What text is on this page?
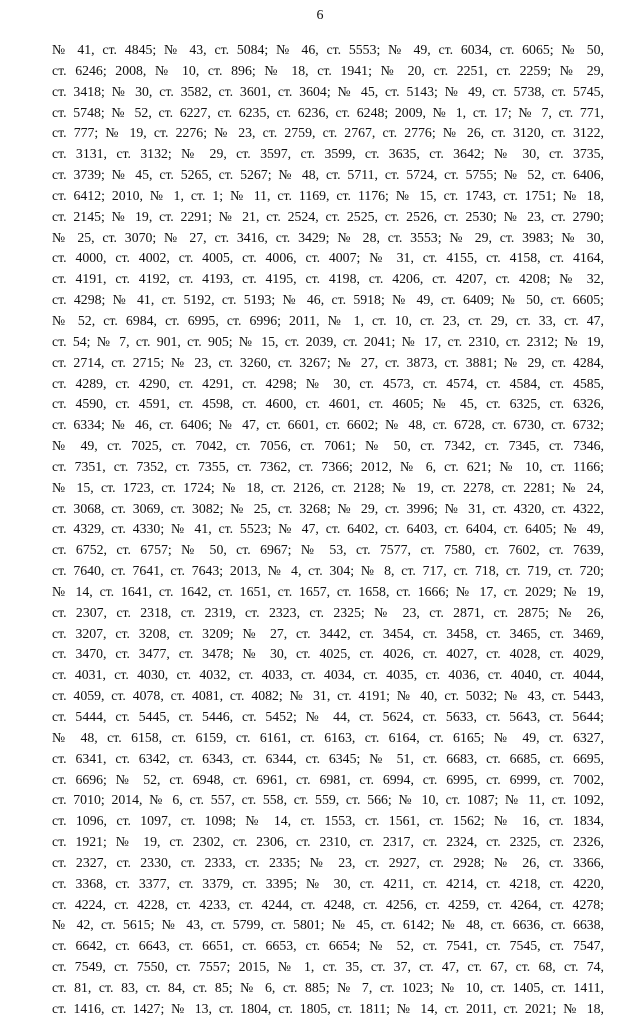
6
№ 41, ст. 4845; № 43, ст. 5084; № 46, ст. 5553; № 49, ст. 6034, ст. 6065; № 50,
ст. 6246; 2008, № 10, ст. 896; № 18, ст. 1941; № 20, ст. 2251, ст. 2259; № 29,
ст. 3418; № 30, ст. 3582, ст. 3601, ст. 3604; № 45, ст. 5143; № 49, ст. 5738, ст. 5745,
ст. 5748; № 52, ст. 6227, ст. 6235, ст. 6236, ст. 6248; 2009, № 1, ст. 17; № 7, ст. 771,
ст. 777; № 19, ст. 2276; № 23, ст. 2759, ст. 2767, ст. 2776; № 26, ст. 3120, ст. 3122,
ст. 3131, ст. 3132; № 29, ст. 3597, ст. 3599, ст. 3635, ст. 3642; № 30, ст. 3735,
ст. 3739; № 45, ст. 5265, ст. 5267; № 48, ст. 5711, ст. 5724, ст. 5755; № 52, ст. 6406,
ст. 6412; 2010, № 1, ст. 1; № 11, ст. 1169, ст. 1176; № 15, ст. 1743, ст. 1751; № 18,
ст. 2145; № 19, ст. 2291; № 21, ст. 2524, ст. 2525, ст. 2526, ст. 2530; № 23, ст. 2790;
№ 25, ст. 3070; № 27, ст. 3416, ст. 3429; № 28, ст. 3553; № 29, ст. 3983; № 30,
ст. 4000, ст. 4002, ст. 4005, ст. 4006, ст. 4007; № 31, ст. 4155, ст. 4158, ст. 4164,
ст. 4191, ст. 4192, ст. 4193, ст. 4195, ст. 4198, ст. 4206, ст. 4207, ст. 4208; № 32,
ст. 4298; № 41, ст. 5192, ст. 5193; № 46, ст. 5918; № 49, ст. 6409; № 50, ст. 6605;
№ 52, ст. 6984, ст. 6995, ст. 6996; 2011, № 1, ст. 10, ст. 23, ст. 29, ст. 33, ст. 47,
ст. 54; № 7, ст. 901, ст. 905; № 15, ст. 2039, ст. 2041; № 17, ст. 2310, ст. 2312; № 19,
ст. 2714, ст. 2715; № 23, ст. 3260, ст. 3267; № 27, ст. 3873, ст. 3881; № 29, ст. 4284,
ст. 4289, ст. 4290, ст. 4291, ст. 4298; № 30, ст. 4573, ст. 4574, ст. 4584, ст. 4585,
ст. 4590, ст. 4591, ст. 4598, ст. 4600, ст. 4601, ст. 4605; № 45, ст. 6325, ст. 6326,
ст. 6334; № 46, ст. 6406; № 47, ст. 6601, ст. 6602; № 48, ст. 6728, ст. 6730, ст. 6732;
№ 49, ст. 7025, ст. 7042, ст. 7056, ст. 7061; № 50, ст. 7342, ст. 7345, ст. 7346,
ст. 7351, ст. 7352, ст. 7355, ст. 7362, ст. 7366; 2012, № 6, ст. 621; № 10, ст. 1166;
№ 15, ст. 1723, ст. 1724; № 18, ст. 2126, ст. 2128; № 19, ст. 2278, ст. 2281; № 24,
ст. 3068, ст. 3069, ст. 3082; № 25, ст. 3268; № 29, ст. 3996; № 31, ст. 4320, ст. 4322,
ст. 4329, ст. 4330; № 41, ст. 5523; № 47, ст. 6402, ст. 6403, ст. 6404, ст. 6405; № 49,
ст. 6752, ст. 6757; № 50, ст. 6967; № 53, ст. 7577, ст. 7580, ст. 7602, ст. 7639,
ст. 7640, ст. 7641, ст. 7643; 2013, № 4, ст. 304; № 8, ст. 717, ст. 718, ст. 719, ст. 720;
№ 14, ст. 1641, ст. 1642, ст. 1651, ст. 1657, ст. 1658, ст. 1666; № 17, ст. 2029; № 19,
ст. 2307, ст. 2318, ст. 2319, ст. 2323, ст. 2325; № 23, ст. 2871, ст. 2875; № 26,
ст. 3207, ст. 3208, ст. 3209; № 27, ст. 3442, ст. 3454, ст. 3458, ст. 3465, ст. 3469,
ст. 3470, ст. 3477, ст. 3478; № 30, ст. 4025, ст. 4026, ст. 4027, ст. 4028, ст. 4029,
ст. 4031, ст. 4030, ст. 4032, ст. 4033, ст. 4034, ст. 4035, ст. 4036, ст. 4040, ст. 4044,
ст. 4059, ст. 4078, ст. 4081, ст. 4082; № 31, ст. 4191; № 40, ст. 5032; № 43, ст. 5443,
ст. 5444, ст. 5445, ст. 5446, ст. 5452; № 44, ст. 5624, ст. 5633, ст. 5643, ст. 5644;
№ 48, ст. 6158, ст. 6159, ст. 6161, ст. 6163, ст. 6164, ст. 6165; № 49, ст. 6327,
ст. 6341, ст. 6342, ст. 6343, ст. 6344, ст. 6345; № 51, ст. 6683, ст. 6685, ст. 6695,
ст. 6696; № 52, ст. 6948, ст. 6961, ст. 6981, ст. 6994, ст. 6995, ст. 6999, ст. 7002,
ст. 7010; 2014, № 6, ст. 557, ст. 558, ст. 559, ст. 566; № 10, ст. 1087; № 11, ст. 1092,
ст. 1096, ст. 1097, ст. 1098; № 14, ст. 1553, ст. 1561, ст. 1562; № 16, ст. 1834,
ст. 1921; № 19, ст. 2302, ст. 2306, ст. 2310, ст. 2317, ст. 2324, ст. 2325, ст. 2326,
ст. 2327, ст. 2330, ст. 2333, ст. 2335; № 23, ст. 2927, ст. 2928; № 26, ст. 3366,
ст. 3368, ст. 3377, ст. 3379, ст. 3395; № 30, ст. 4211, ст. 4214, ст. 4218, ст. 4220,
ст. 4224, ст. 4228, ст. 4233, ст. 4244, ст. 4248, ст. 4256, ст. 4259, ст. 4264, ст. 4278;
№ 42, ст. 5615; № 43, ст. 5799, ст. 5801; № 45, ст. 6142; № 48, ст. 6636, ст. 6638,
ст. 6642, ст. 6643, ст. 6651, ст. 6653, ст. 6654; № 52, ст. 7541, ст. 7545, ст. 7547,
ст. 7549, ст. 7550, ст. 7557; 2015, № 1, ст. 35, ст. 37, ст. 47, ст. 67, ст. 68, ст. 74,
ст. 81, ст. 83, ст. 84, ст. 85; № 6, ст. 885; № 7, ст. 1023; № 10, ст. 1405, ст. 1411,
ст. 1416, ст. 1427; № 13, ст. 1804, ст. 1805, ст. 1811; № 14, ст. 2011, ст. 2021; № 18,
